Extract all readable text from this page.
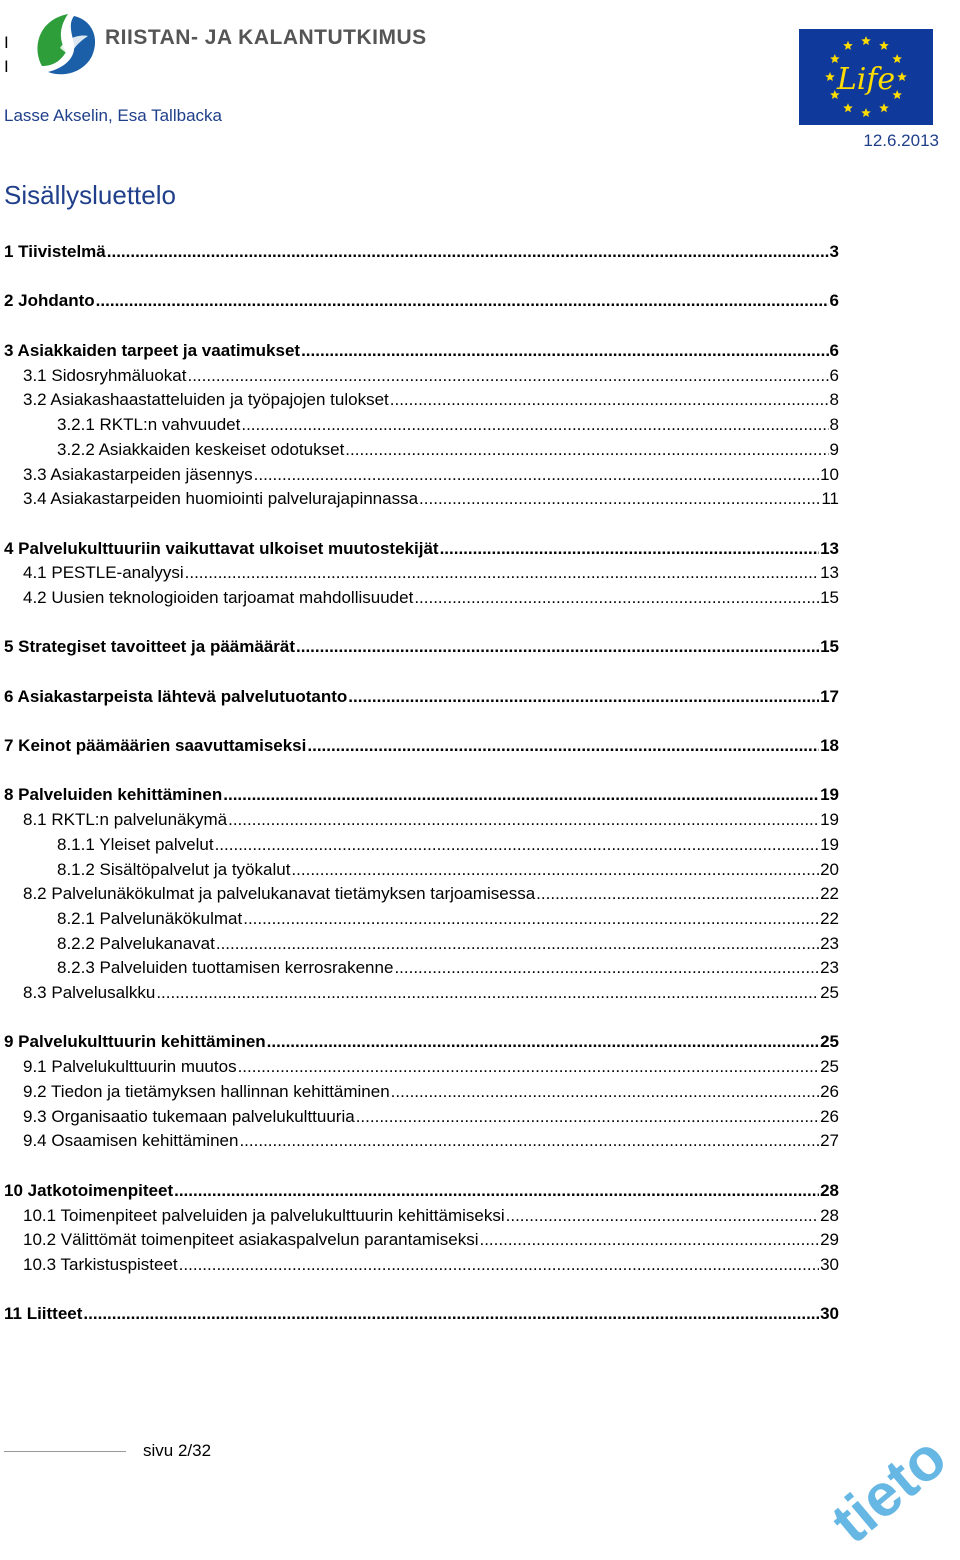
I
I
RIISTAN- JA KALANTUTKIMUS
Life
Lasse Akselin, Esa Tallbacka
12.6.2013
Sisällysluettelo
1 Tiivistelmä .....	3
2 Johdanto .....	6
3 Asiakkaiden tarpeet ja vaatimukset .....	6
3.1 Sidosryhmäluokat .....	6
3.2 Asiakashaastatteluiden ja työpajojen tulokset .....	8
3.2.1 RKTL:n vahvuudet .....	8
3.2.2 Asiakkaiden keskeiset odotukset .....	9
3.3 Asiakastarpeiden jäsennys .....	10
3.4 Asiakastarpeiden huomiointi palvelurajapinnassa .....	11
4 Palvelukulttuuriin vaikuttavat ulkoiset muutostekijät .....	13
4.1 PESTLE-analyysi .....	13
4.2 Uusien teknologioiden tarjoamat mahdollisuudet .....	15
5 Strategiset tavoitteet ja päämäärät .....	15
6 Asiakastarpeista lähtevä palvelutuotanto .....	17
7 Keinot päämäärien saavuttamiseksi .....	18
8 Palveluiden kehittäminen .....	19
8.1 RKTL:n palvelunäkymä .....	19
8.1.1 Yleiset palvelut .....	19
8.1.2 Sisältöpalvelut ja työkalut .....	20
8.2 Palvelunäkökulmat ja palvelukanavat tietämyksen tarjoamisessa .....	22
8.2.1 Palvelunäkökulmat .....	22
8.2.2 Palvelukanavat .....	23
8.2.3 Palveluiden tuottamisen kerrosrakenne .....	23
8.3 Palvelusalkku .....	25
9 Palvelukulttuurin kehittäminen .....	25
9.1 Palvelukulttuurin muutos .....	25
9.2 Tiedon ja tietämyksen hallinnan kehittäminen .....	26
9.3 Organisaatio tukemaan palvelukulttuuria .....	26
9.4 Osaamisen kehittäminen .....	27
10 Jatkotoimenpiteet .....	28
10.1 Toimenpiteet palveluiden ja palvelukulttuurin kehittämiseksi .....	28
10.2 Välittömät toimenpiteet asiakaspalvelun parantamiseksi .....	29
10.3 Tarkistuspisteet .....	30
11 Liitteet .....	30
sivu 2/32	tieto
